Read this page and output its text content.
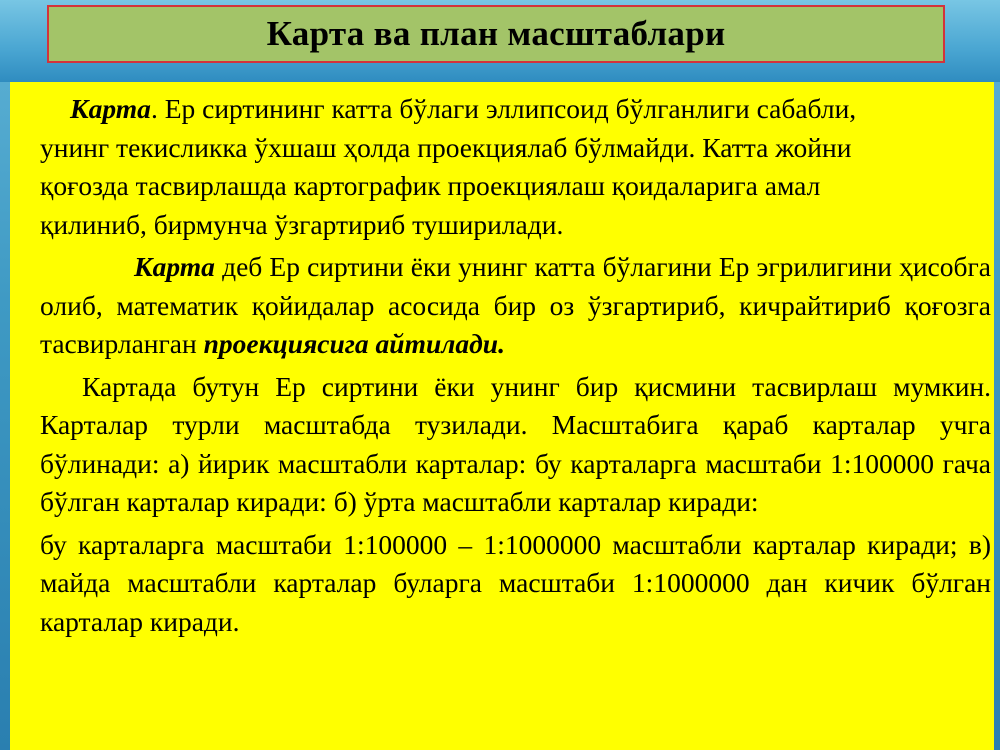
Карта ва план масштаблари

Карта. Ер сиртининг катта бўлаги эллипсоид бўлганлиги сабабли, унинг текисликка ўхшаш ҳолда проекциялаб бўлмайди. Катта жойни қоғозда тасвирлашда картографик проекциялаш қоидаларига амал қилиниб, бирмунча ўзгартириб туширилади.

Карта деб Ер сиртини ёки унинг катта бўлагини Ер эгрилигини ҳисобга олиб, математик қойидалар асосида бир оз ўзгартириб, кичрайтириб қоғозга тасвирланган проекциясига айтилади.

Картада бутун Ер сиртини ёки унинг бир қисмини тасвирлаш мумкин. Карталар турли масштабда тузилади. Масштабига қараб карталар учга бўлинади: а) йирик масштабли карталар: бу карталарга масштаби 1:100000 гача бўлган карталар киради: б) ўрта масштабли карталар киради:

бу карталарга масштаби 1:100000 – 1:1000000 масштабли карталар киради; в) майда масштабли карталар буларга масштаби 1:1000000 дан кичик бўлган карталар киради.
